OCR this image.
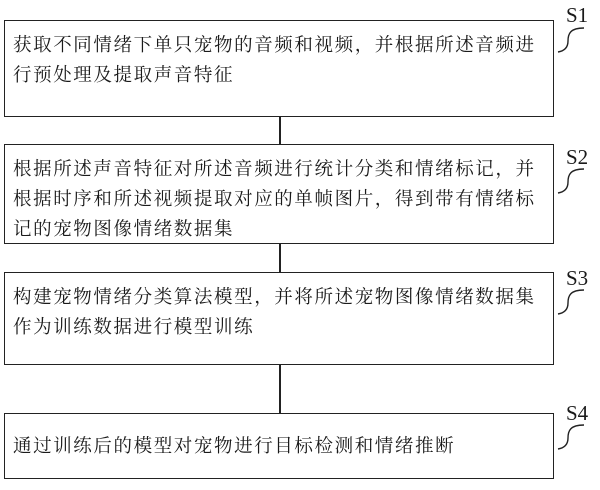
获取不同情绪下单只宠物的音频和视频，并根据所述音频进行预处理及提取声音特征

S1

根据所述声音特征对所述音频进行统计分类和情绪标记，并根据时序和所述视频提取对应的单帧图片，得到带有情绪标记的宠物图像情绪数据集

S2

构建宠物情绪分类算法模型，并将所述宠物图像情绪数据集作为训练数据进行模型训练

S3

通过训练后的模型对宠物进行目标检测和情绪推断

S4
